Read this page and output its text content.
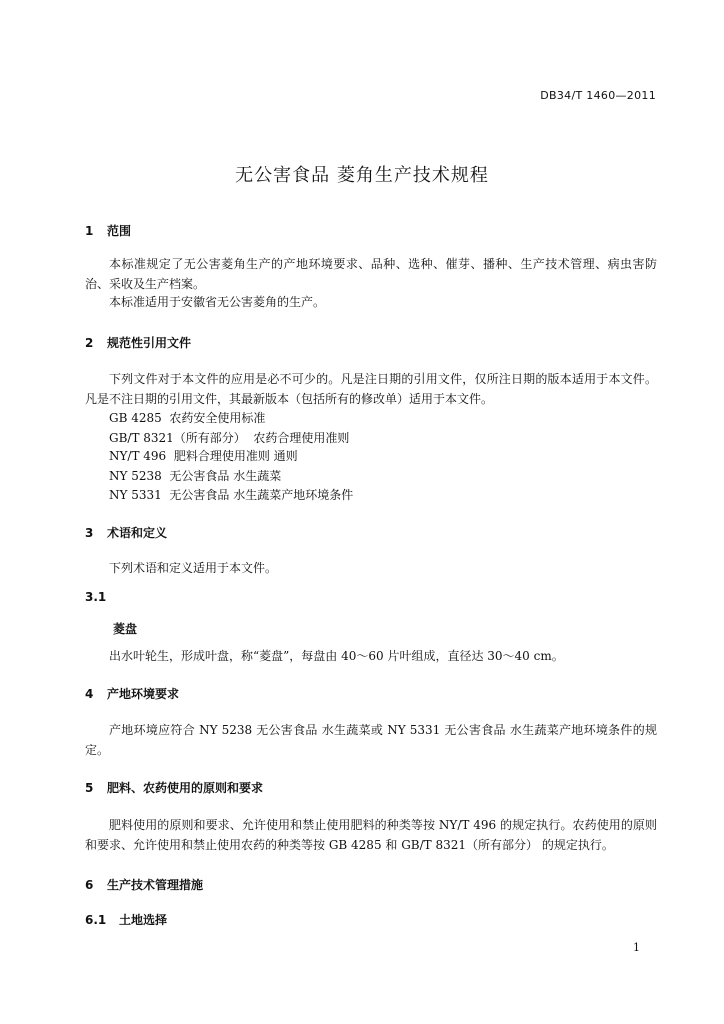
DB34/T 1460—2011
无公害食品 菱角生产技术规程
1 范围
本标准规定了无公害菱角生产的产地环境要求、品种、选种、催芽、播种、生产技术管理、病虫害防治、采收及生产档案。
本标准适用于安徽省无公害菱角的生产。
2 规范性引用文件
下列文件对于本文件的应用是必不可少的。凡是注日期的引用文件，仅所注日期的版本适用于本文件。凡是不注日期的引用文件，其最新版本（包括所有的修改单）适用于本文件。
GB 4285  农药安全使用标准
GB/T 8321（所有部分）  农药合理使用准则
NY/T 496  肥料合理使用准则 通则
NY 5238  无公害食品 水生蔬菜
NY 5331  无公害食品 水生蔬菜产地环境条件
3 术语和定义
下列术语和定义适用于本文件。
3.1
菱盘
出水叶轮生，形成叶盘，称“菱盘”，每盘由 40～60 片叶组成，直径达 30～40 cm。
4 产地环境要求
产地环境应符合 NY 5238 无公害食品 水生蔬菜或 NY 5331 无公害食品 水生蔬菜产地环境条件的规定。
5 肥料、农药使用的原则和要求
肥料使用的原则和要求、允许使用和禁止使用肥料的种类等按 NY/T 496 的规定执行。农药使用的原则和要求、允许使用和禁止使用农药的种类等按 GB 4285 和 GB/T 8321（所有部分） 的规定执行。
6 生产技术管理措施
6.1 土地选择
1
